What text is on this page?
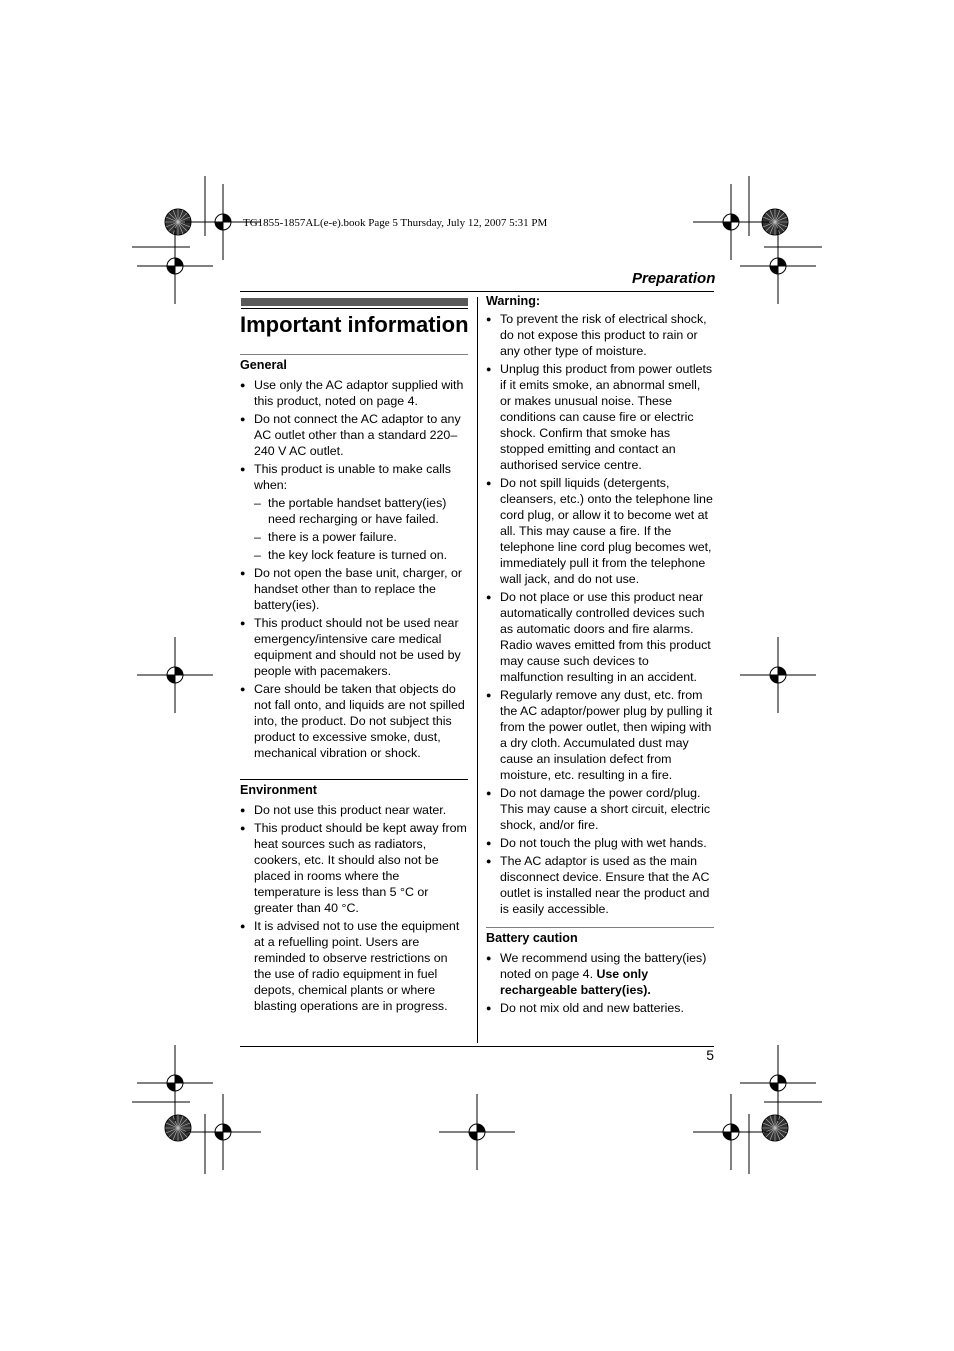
TG1855-1857AL(e-e).book Page 5 Thursday, July 12, 2007 5:31 PM
Preparation
Important information
General
● Use only the AC adaptor supplied with this product, noted on page 4.
● Do not connect the AC adaptor to any AC outlet other than a standard 220–240 V AC outlet.
● This product is unable to make calls when:
– the portable handset battery(ies) need recharging or have failed.
– there is a power failure.
– the key lock feature is turned on.
● Do not open the base unit, charger, or handset other than to replace the battery(ies).
● This product should not be used near emergency/intensive care medical equipment and should not be used by people with pacemakers.
● Care should be taken that objects do not fall onto, and liquids are not spilled into, the product. Do not subject this product to excessive smoke, dust, mechanical vibration or shock.
Environment
● Do not use this product near water.
● This product should be kept away from heat sources such as radiators, cookers, etc. It should also not be placed in rooms where the temperature is less than 5 °C or greater than 40 °C.
● It is advised not to use the equipment at a refuelling point. Users are reminded to observe restrictions on the use of radio equipment in fuel depots, chemical plants or where blasting operations are in progress.
Warning:
● To prevent the risk of electrical shock, do not expose this product to rain or any other type of moisture.
● Unplug this product from power outlets if it emits smoke, an abnormal smell, or makes unusual noise. These conditions can cause fire or electric shock. Confirm that smoke has stopped emitting and contact an authorised service centre.
● Do not spill liquids (detergents, cleansers, etc.) onto the telephone line cord plug, or allow it to become wet at all. This may cause a fire. If the telephone line cord plug becomes wet, immediately pull it from the telephone wall jack, and do not use.
● Do not place or use this product near automatically controlled devices such as automatic doors and fire alarms. Radio waves emitted from this product may cause such devices to malfunction resulting in an accident.
● Regularly remove any dust, etc. from the AC adaptor/power plug by pulling it from the power outlet, then wiping with a dry cloth. Accumulated dust may cause an insulation defect from moisture, etc. resulting in a fire.
● Do not damage the power cord/plug. This may cause a short circuit, electric shock, and/or fire.
● Do not touch the plug with wet hands.
● The AC adaptor is used as the main disconnect device. Ensure that the AC outlet is installed near the product and is easily accessible.
Battery caution
● We recommend using the battery(ies) noted on page 4. Use only rechargeable battery(ies).
● Do not mix old and new batteries.
5
